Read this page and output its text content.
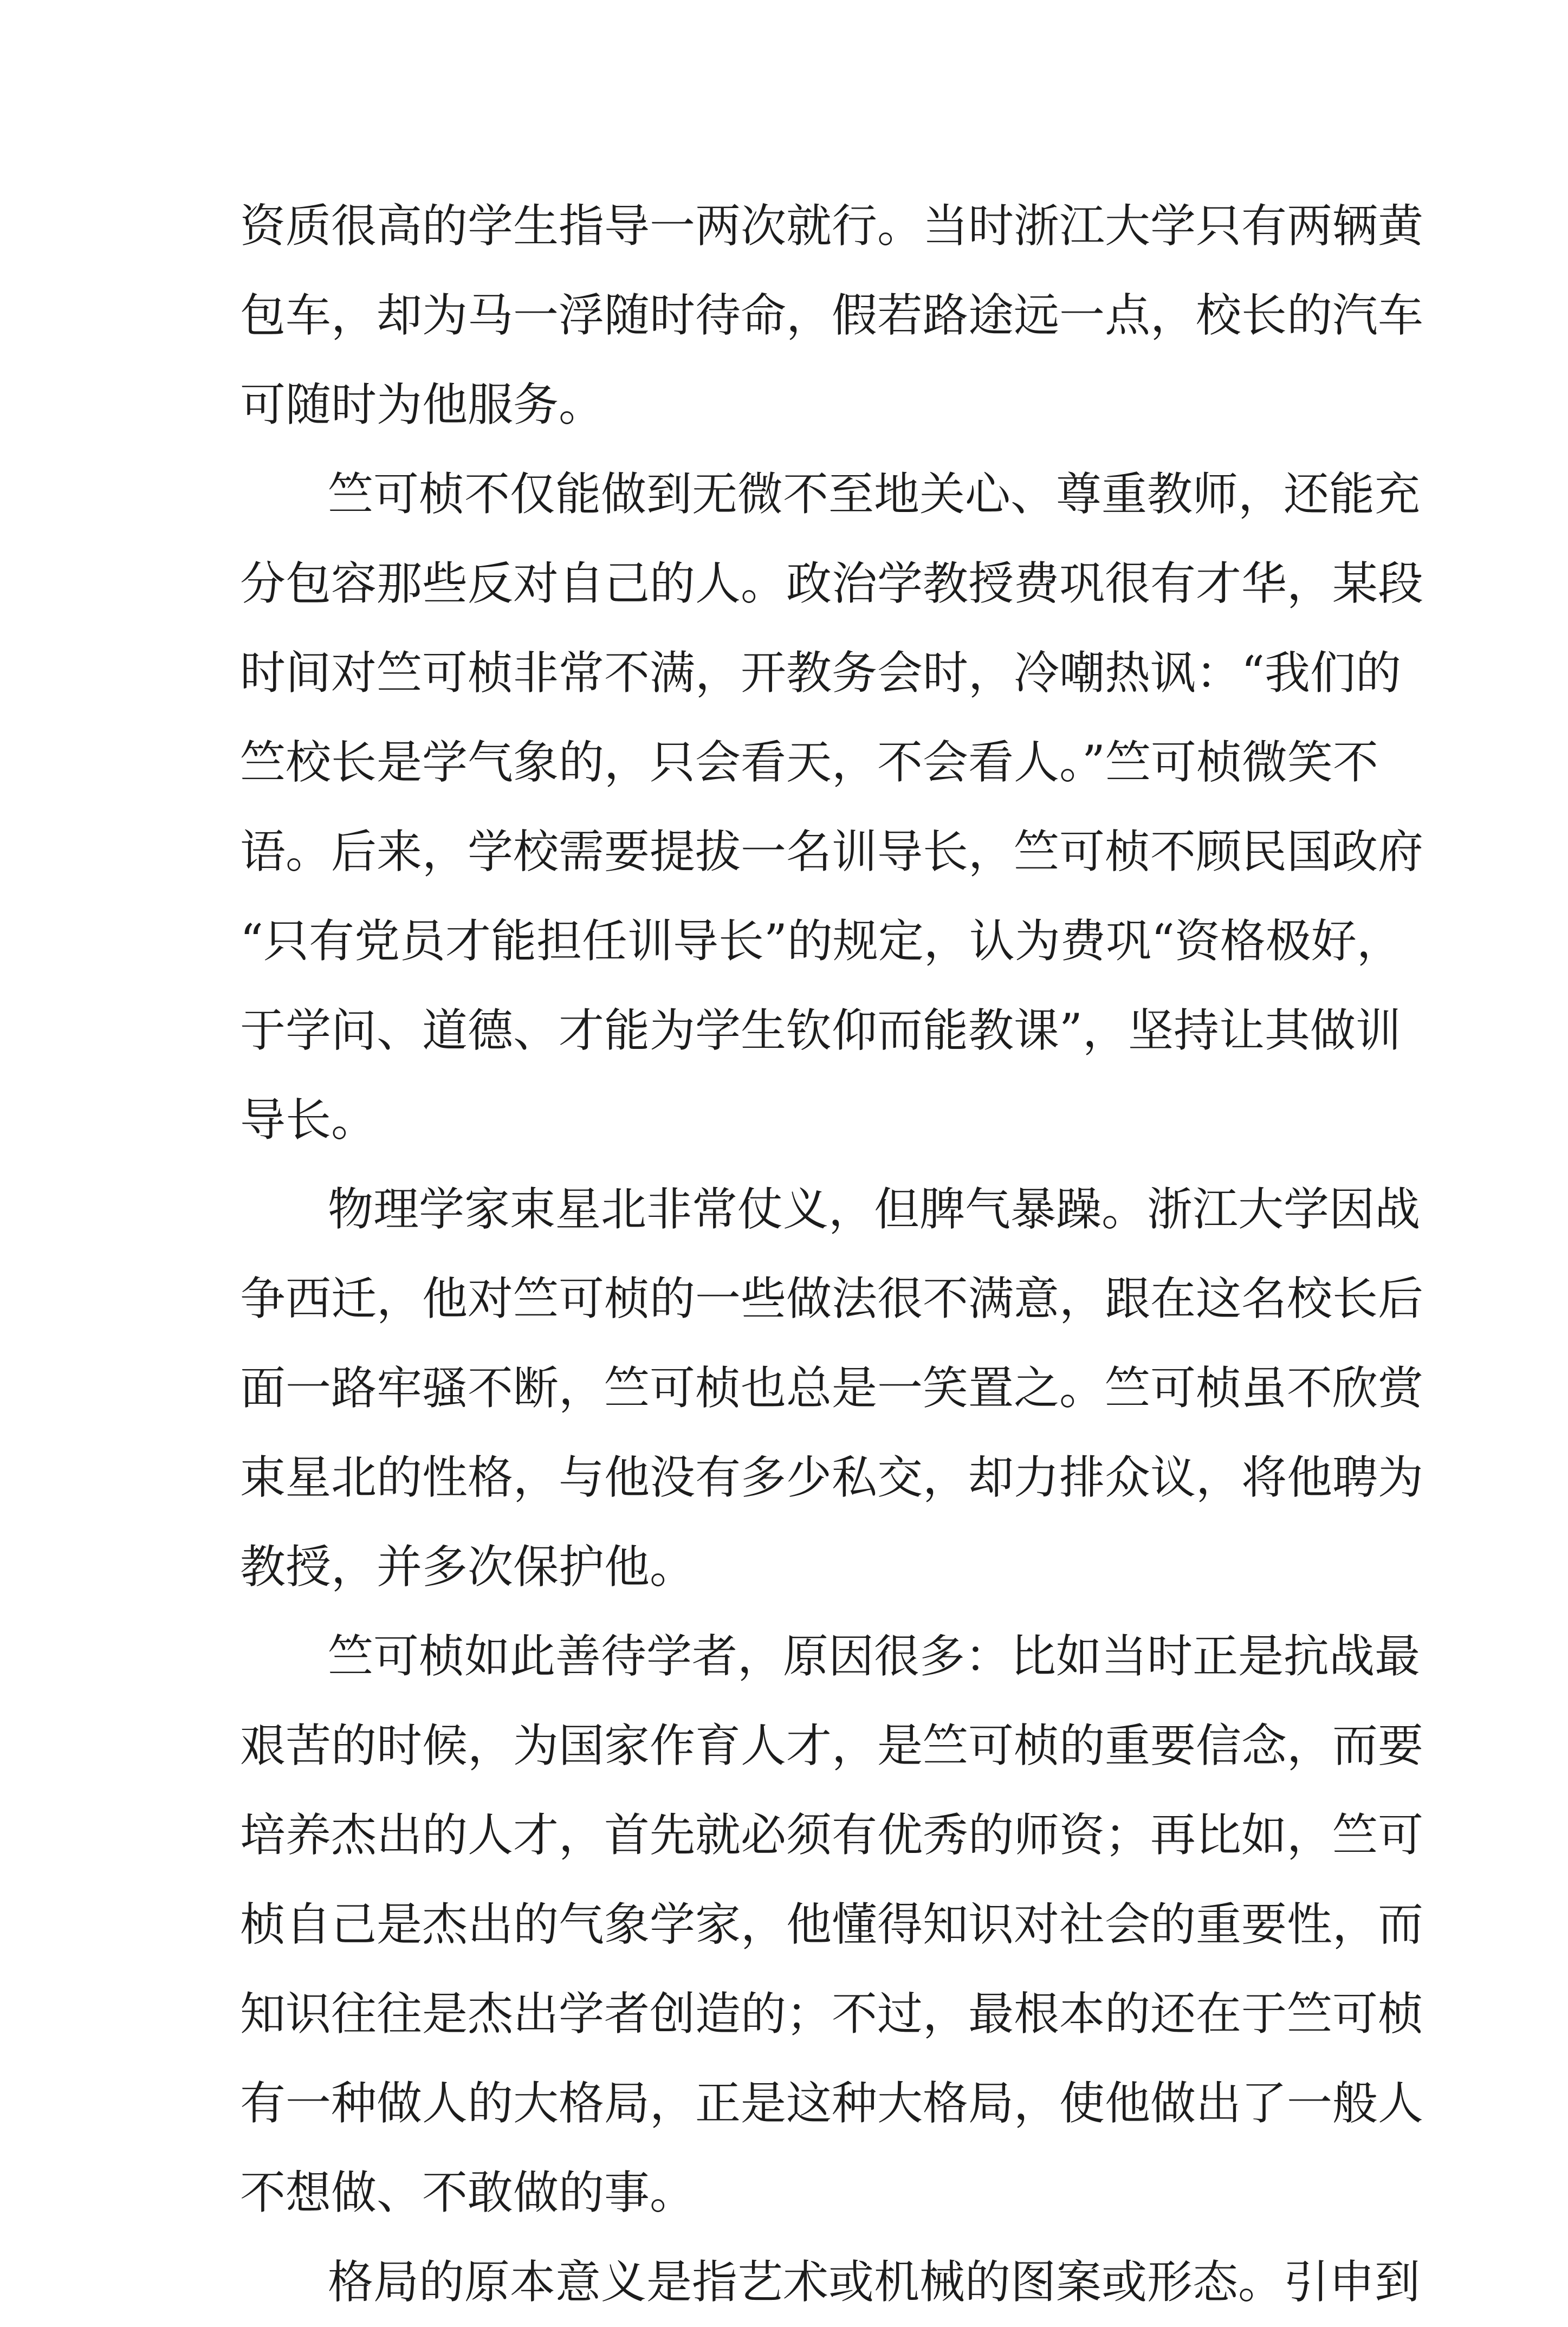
资质很高的学生指导一两次就行。当时浙江大学只有两辆黄
包车，却为马一浮随时待命，假若路途远一点，校长的汽车
可随时为他服务。
竺可桢不仅能做到无微不至地关心、尊重教师，还能充
分包容那些反对自己的人。政治学教授费巩很有才华，某段
时间对竺可桢非常不满，开教务会时，冷嘲热讽：“我们的
竺校长是学气象的，只会看天，不会看人。”竺可桢微笑不
语。后来，学校需要提拔一名训导长，竺可桢不顾民国政府
“只有党员才能担任训导长”的规定，认为费巩“资格极好，
于学问、道德、才能为学生钦仰而能教课”，坚持让其做训
导长。
物理学家束星北非常仗义，但脾气暴躁。浙江大学因战
争西迁，他对竺可桢的一些做法很不满意，跟在这名校长后
面一路牢骚不断，竺可桢也总是一笑置之。竺可桢虽不欣赏
束星北的性格，与他没有多少私交，却力排众议，将他聘为
教授，并多次保护他。
竺可桢如此善待学者，原因很多：比如当时正是抗战最
艰苦的时候，为国家作育人才，是竺可桢的重要信念，而要
培养杰出的人才，首先就必须有优秀的师资；再比如，竺可
桢自己是杰出的气象学家，他懂得知识对社会的重要性，而
知识往往是杰出学者创造的；不过，最根本的还在于竺可桢
有一种做人的大格局，正是这种大格局，使他做出了一般人
不想做、不敢做的事。
格局的原本意义是指艺术或机械的图案或形态。引申到
